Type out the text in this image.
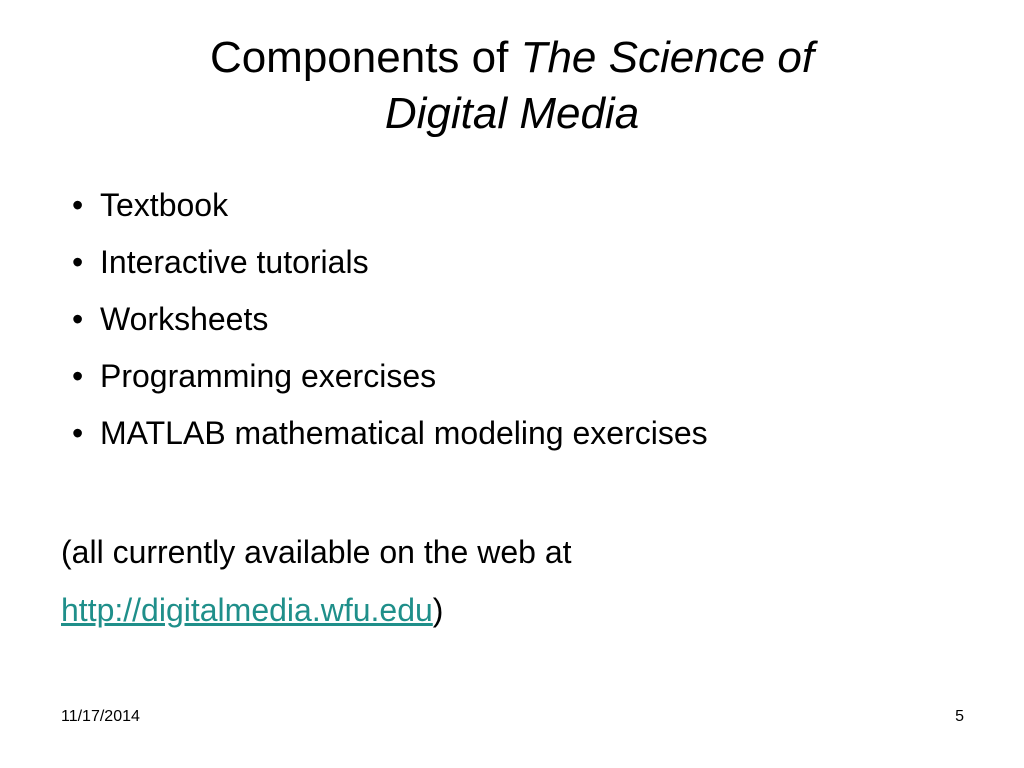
Components of The Science of
Digital Media
• Textbook
• Interactive tutorials
• Worksheets
• Programming exercises
• MATLAB mathematical modeling exercises

(all currently available on the web at

http://digitalmedia.wfu.edu)

11/17/2014	5
